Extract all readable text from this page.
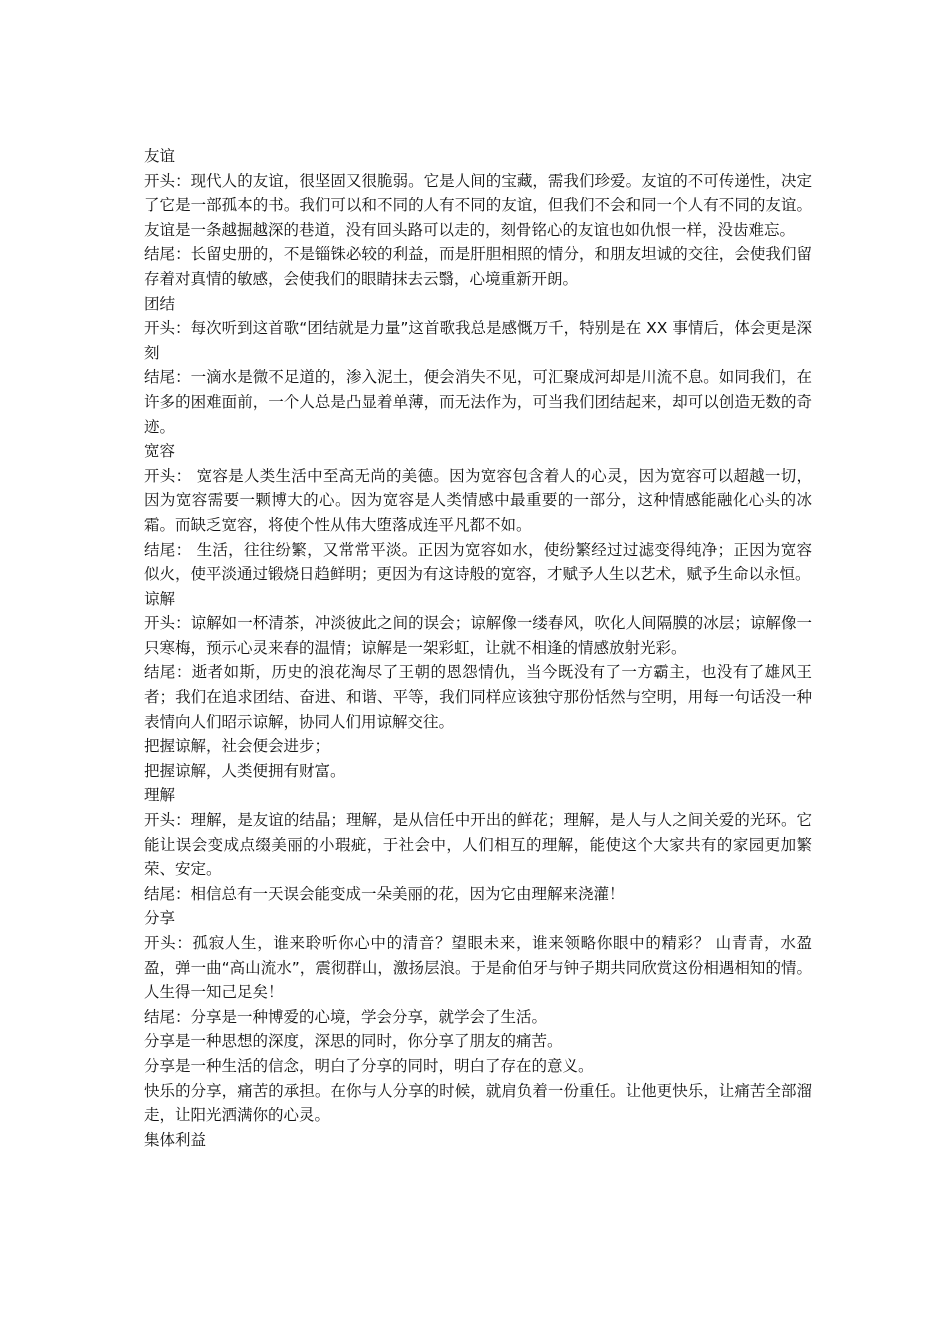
友谊
开头：现代人的友谊，很坚固又很脆弱。它是人间的宝藏，需我们珍爱。友谊的不可传递性，决定了它是一部孤本的书。我们可以和不同的人有不同的友谊，但我们不会和同一个人有不同的友谊。友谊是一条越掘越深的巷道，没有回头路可以走的，刻骨铭心的友谊也如仇恨一样，没齿难忘。
结尾：长留史册的，不是锱铢必较的利益，而是肝胆相照的情分，和朋友坦诚的交往，会使我们留存着对真情的敏感，会使我们的眼睛抹去云翳，心境重新开朗。
团结
开头：每次听到这首歌“团结就是力量”这首歌我总是感慨万千，特别是在 XX 事情后，体会更是深刻
结尾：一滴水是微不足道的，渗入泥土，便会消失不见，可汇聚成河却是川流不息。如同我们，在许多的困难面前，一个人总是凸显着单薄，而无法作为，可当我们团结起来，却可以创造无数的奇迹。
宽容
开头： 宽容是人类生活中至高无尚的美德。因为宽容包含着人的心灵，因为宽容可以超越一切，因为宽容需要一颗博大的心。因为宽容是人类情感中最重要的一部分，这种情感能融化心头的冰霜。而缺乏宽容，将使个性从伟大堕落成连平凡都不如。
结尾： 生活，往往纷繁，又常常平淡。正因为宽容如水，使纷繁经过过滤变得纯净；正因为宽容似火，使平淡通过锻烧日趋鲜明；更因为有这诗般的宽容，才赋予人生以艺术，赋予生命以永恒。
谅解
开头：谅解如一杯清茶，冲淡彼此之间的误会；谅解像一缕春风，吹化人间隔膜的冰层；谅解像一只寒梅，预示心灵来春的温情；谅解是一架彩虹，让就不相逢的情感放射光彩。
结尾：逝者如斯，历史的浪花淘尽了王朝的恩怨情仇，当今既没有了一方霸主，也没有了雄风王者；我们在追求团结、奋进、和谐、平等，我们同样应该独守那份恬然与空明，用每一句话没一种表情向人们昭示谅解，协同人们用谅解交往。
把握谅解，社会便会进步；
把握谅解，人类便拥有财富。
理解
开头：理解，是友谊的结晶；理解，是从信任中开出的鲜花；理解，是人与人之间关爱的光环。它能让误会变成点缀美丽的小瑕疵，于社会中，人们相互的理解，能使这个大家共有的家园更加繁荣、安定。
结尾：相信总有一天误会能变成一朵美丽的花，因为它由理解来浇灌！
分享
开头：孤寂人生，谁来聆听你心中的清音？望眼未来，谁来领略你眼中的精彩？ 山青青，水盈盈，弹一曲“高山流水”，震彻群山，激扬层浪。于是俞伯牙与钟子期共同欣赏这份相遇相知的情。人生得一知己足矣！
结尾：分享是一种博爱的心境，学会分享，就学会了生活。
分享是一种思想的深度，深思的同时，你分享了朋友的痛苦。
分享是一种生活的信念，明白了分享的同时，明白了存在的意义。
快乐的分享，痛苦的承担。在你与人分享的时候，就肩负着一份重任。让他更快乐，让痛苦全部溜走，让阳光洒满你的心灵。
集体利益
